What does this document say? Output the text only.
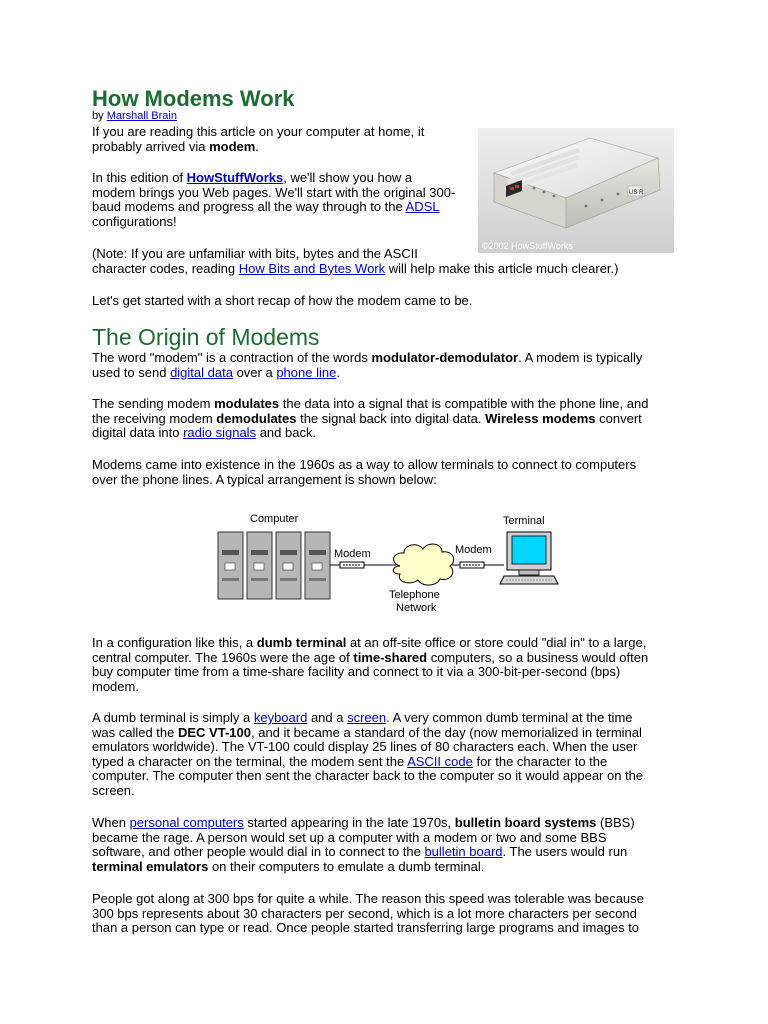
How Modems Work
by Marshall Brain
If you are reading this article on your computer at home, it
probably arrived via modem.
In this edition of HowStuffWorks, we'll show you how a
modem brings you Web pages. We'll start with the original 300-
baud modems and progress all the way through to the ADSL
configurations!
(Note: If you are unfamiliar with bits, bytes and the ASCII
character codes, reading How Bits and Bytes Work will help make this article much clearer.)
Let's get started with a short recap of how the modem came to be.
US R
©2002 HowStuffWorks
The Origin of Modems
The word "modem" is a contraction of the words modulator-demodulator. A modem is typically
used to send digital data over a phone line.
The sending modem modulates the data into a signal that is compatible with the phone line, and
the receiving modem demodulates the signal back into digital data. Wireless modems convert
digital data into radio signals and back.
Modems came into existence in the 1960s as a way to allow terminals to connect to computers
over the phone lines. A typical arrangement is shown below:
Computer	Terminal
Modem	Modem
Telephone
Network
In a configuration like this, a dumb terminal at an off-site office or store could "dial in" to a large,
central computer. The 1960s were the age of time-shared computers, so a business would often
buy computer time from a time-share facility and connect to it via a 300-bit-per-second (bps)
modem.
A dumb terminal is simply a keyboard and a screen. A very common dumb terminal at the time
was called the DEC VT-100, and it became a standard of the day (now memorialized in terminal
emulators worldwide). The VT-100 could display 25 lines of 80 characters each. When the user
typed a character on the terminal, the modem sent the ASCII code for the character to the
computer. The computer then sent the character back to the computer so it would appear on the
screen.
When personal computers started appearing in the late 1970s, bulletin board systems (BBS)
became the rage. A person would set up a computer with a modem or two and some BBS
software, and other people would dial in to connect to the bulletin board. The users would run
terminal emulators on their computers to emulate a dumb terminal.
People got along at 300 bps for quite a while. The reason this speed was tolerable was because
300 bps represents about 30 characters per second, which is a lot more characters per second
than a person can type or read. Once people started transferring large programs and images to
